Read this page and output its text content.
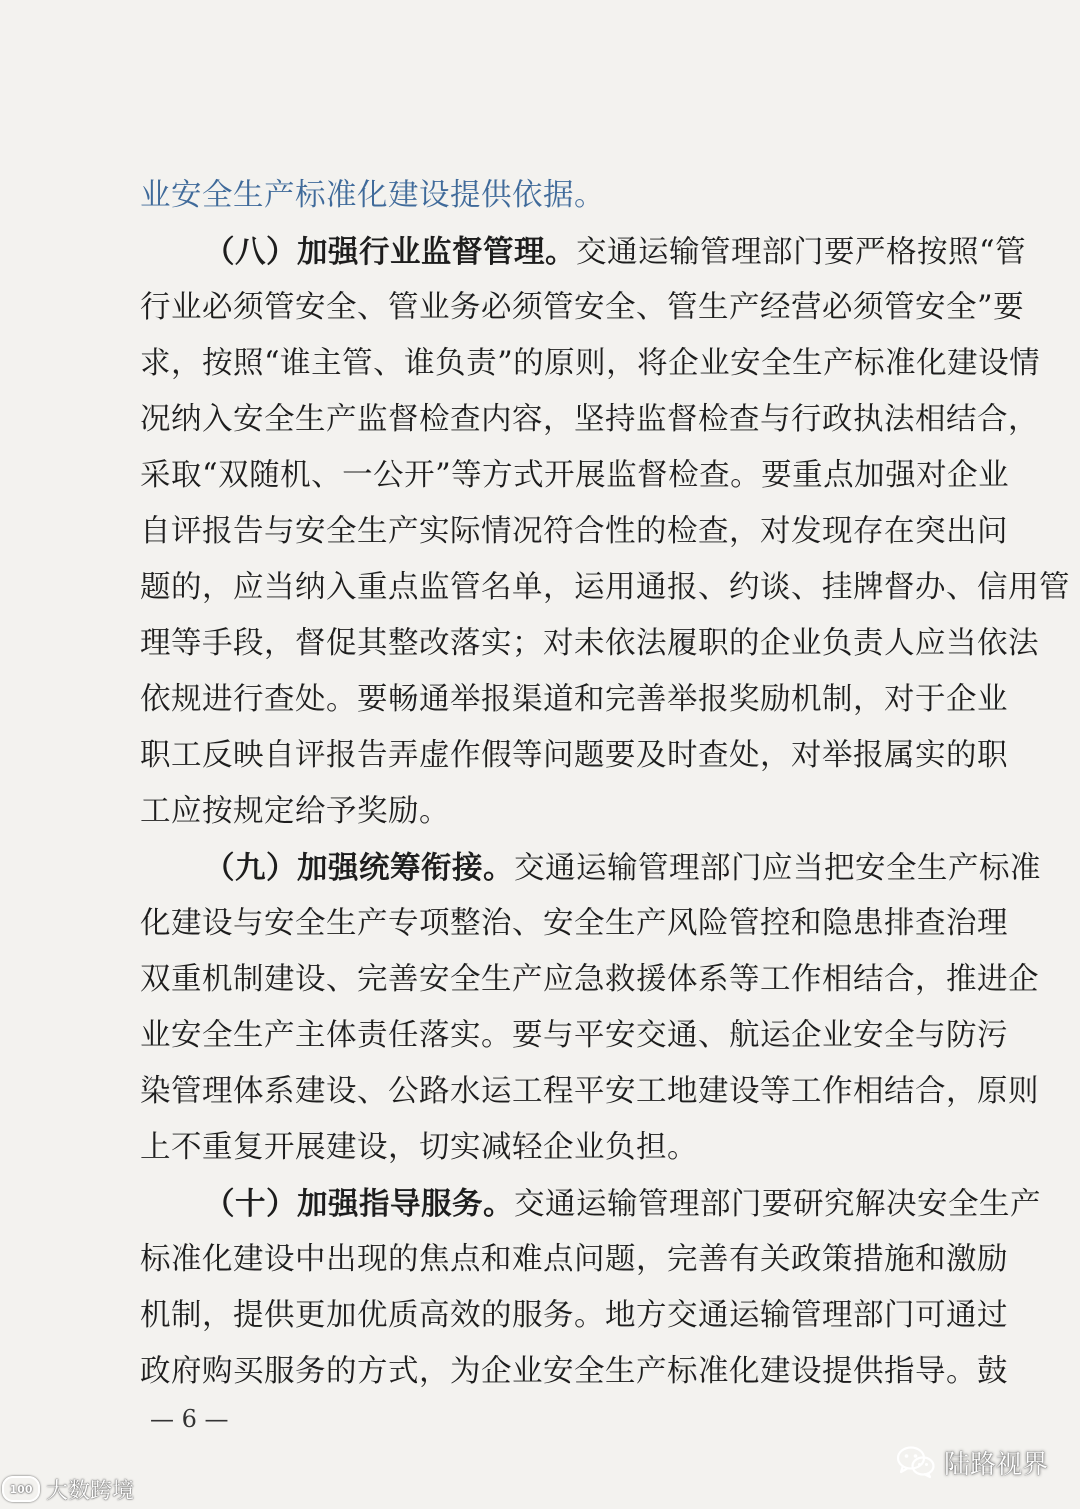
业安全生产标准化建设提供依据。
（八）加强行业监督管理。交通运输管理部门要严格按照“管
行业必须管安全、管业务必须管安全、管生产经营必须管安全”要
求，按照“谁主管、谁负责”的原则，将企业安全生产标准化建设情
况纳入安全生产监督检查内容，坚持监督检查与行政执法相结合，
采取“双随机、一公开”等方式开展监督检查。要重点加强对企业
自评报告与安全生产实际情况符合性的检查，对发现存在突出问
题的，应当纳入重点监管名单，运用通报、约谈、挂牌督办、信用管
理等手段，督促其整改落实；对未依法履职的企业负责人应当依法
依规进行查处。要畅通举报渠道和完善举报奖励机制，对于企业
职工反映自评报告弄虚作假等问题要及时查处，对举报属实的职
工应按规定给予奖励。
（九）加强统筹衔接。交通运输管理部门应当把安全生产标准
化建设与安全生产专项整治、安全生产风险管控和隐患排查治理
双重机制建设、完善安全生产应急救援体系等工作相结合，推进企
业安全生产主体责任落实。要与平安交通、航运企业安全与防污
染管理体系建设、公路水运工程平安工地建设等工作相结合，原则
上不重复开展建设，切实减轻企业负担。
（十）加强指导服务。交通运输管理部门要研究解决安全生产
标准化建设中出现的焦点和难点问题，完善有关政策措施和激励
机制，提供更加优质高效的服务。地方交通运输管理部门可通过
政府购买服务的方式，为企业安全生产标准化建设提供指导。鼓
— 6 —
100 大数跨境
陆路视界
